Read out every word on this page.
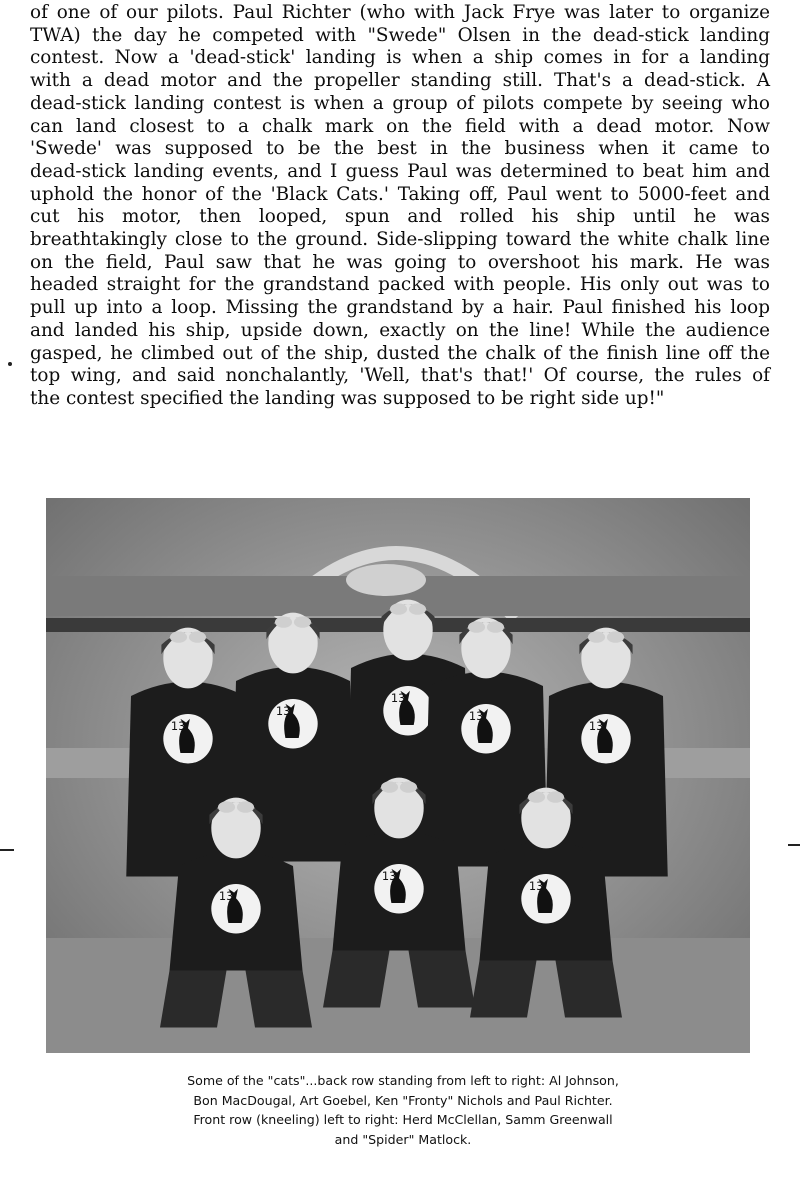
of one of our pilots. Paul Richter (who with Jack Frye was later to organize
TWA) the day he competed with "Swede" Olsen in the dead-stick landing
contest. Now a 'dead-stick' landing is when a ship comes in for a landing
with a dead motor and the propeller standing still. That's a dead-stick. A
dead-stick landing contest is when a group of pilots compete by seeing who
can land closest to a chalk mark on the field with a dead motor. Now
'Swede' was supposed to be the best in the business when it came to
dead-stick landing events, and I guess Paul was determined to beat him and
uphold the honor of the 'Black Cats.' Taking off, Paul went to 5000-feet and
cut his motor, then looped, spun and rolled his ship until he was
breathtakingly close to the ground. Side-slipping toward the white chalk line
on the field, Paul saw that he was going to overshoot his mark. He was
headed straight for the grandstand packed with people. His only out was to
pull up into a loop. Missing the grandstand by a hair. Paul finished his loop
and landed his ship, upside down, exactly on the line! While the audience
gasped, he climbed out of the ship, dusted the chalk of the finish line off the
top wing, and said nonchalantly, 'Well, that's that!' Of course, the rules of
the contest specified the landing was supposed to be right side up!"
13
13
13
13
13
13
13
13
Some of the "cats"...back row standing from left to right: Al Johnson,
Bon MacDougal, Art Goebel, Ken "Fronty" Nichols and Paul Richter.
Front row (kneeling) left to right: Herd McClellan, Samm Greenwall
and "Spider" Matlock.
